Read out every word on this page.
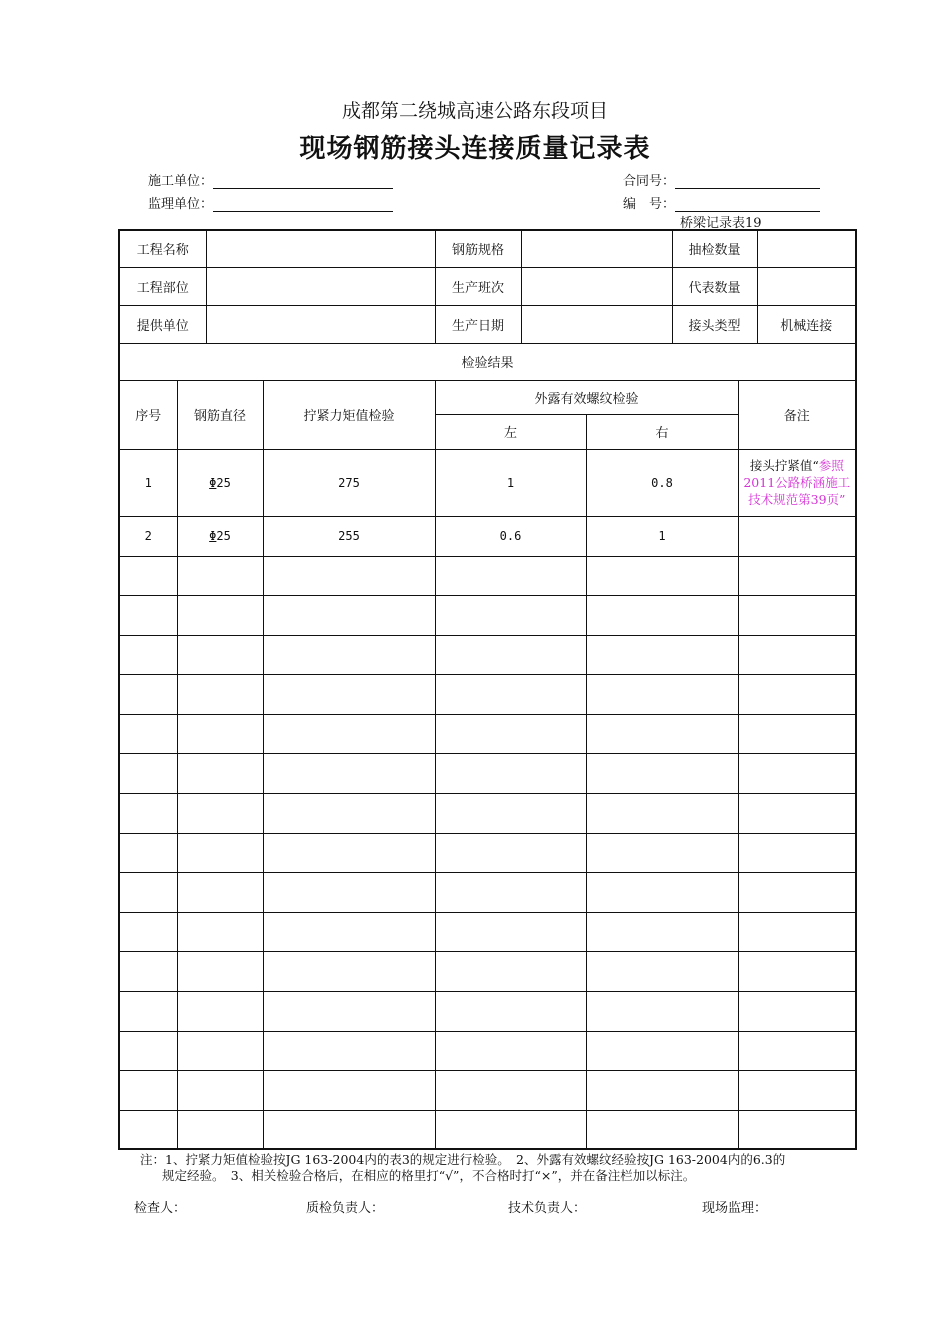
成都第二绕城高速公路东段项目
现场钢筋接头连接质量记录表
施工单位：
监理单位：
合同号：
编　号：
桥梁记录表19
工程名称				钢筋规格			抽检数量		
工程部位				生产班次			代表数量		
提供单位				生产日期			接头类型		机械连接
检验结果									
序号	钢筋直径		拧紧力矩值检验	外露有效螺纹检验				备注	
				左		右			
1	Φ25		275	1		0.8		接头拧紧值“参照2011公路桥涵施工技术规范第39页”	
2	Φ25		255	0.6		1			

注：1、拧紧力矩值检验按JG 163-2004内的表3的规定进行检验。　2、外露有效螺纹经验按JG 163-2004内的6.3的
规定经验。　3、相关检验合格后，在相应的格里打“√”，不合格时打“×”，并在备注栏加以标注。
检查人：	质检负责人：	技术负责人：	现场监理：
